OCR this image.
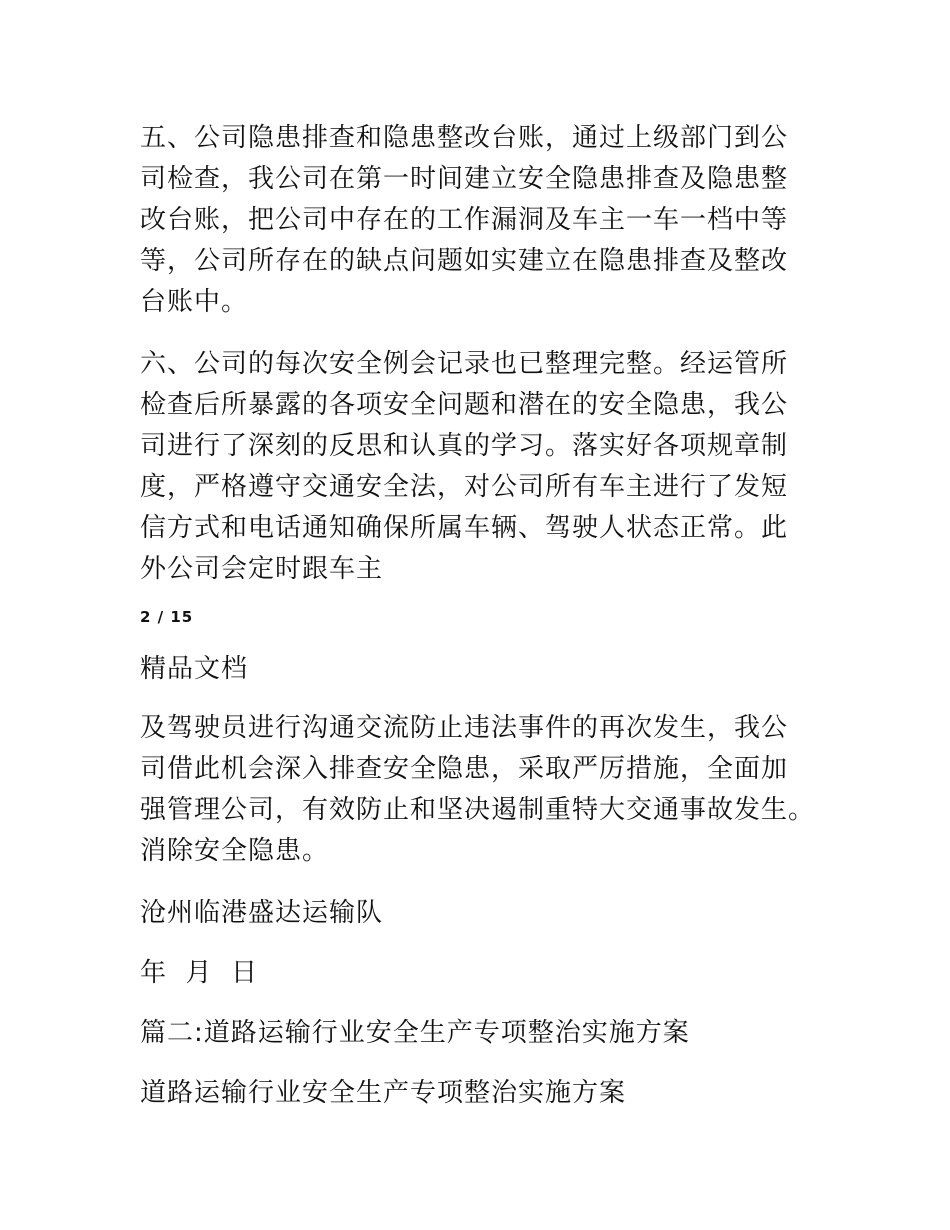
五、公司隐患排查和隐患整改台账，通过上级部门到公
司检查，我公司在第一时间建立安全隐患排查及隐患整
改台账，把公司中存在的工作漏洞及车主一车一档中等
等，公司所存在的缺点问题如实建立在隐患排查及整改
台账中。
六、公司的每次安全例会记录也已整理完整。经运管所
检查后所暴露的各项安全问题和潜在的安全隐患，我公
司进行了深刻的反思和认真的学习。落实好各项规章制
度，严格遵守交通安全法，对公司所有车主进行了发短
信方式和电话通知确保所属车辆、驾驶人状态正常。此
外公司会定时跟车主
2 / 15
精品文档
及驾驶员进行沟通交流防止违法事件的再次发生，我公
司借此机会深入排查安全隐患，采取严厉措施，全面加
强管理公司，有效防止和坚决遏制重特大交通事故发生。
消除安全隐患。
沧州临港盛达运输队
年  月  日
篇二:道路运输行业安全生产专项整治实施方案
道路运输行业安全生产专项整治实施方案
